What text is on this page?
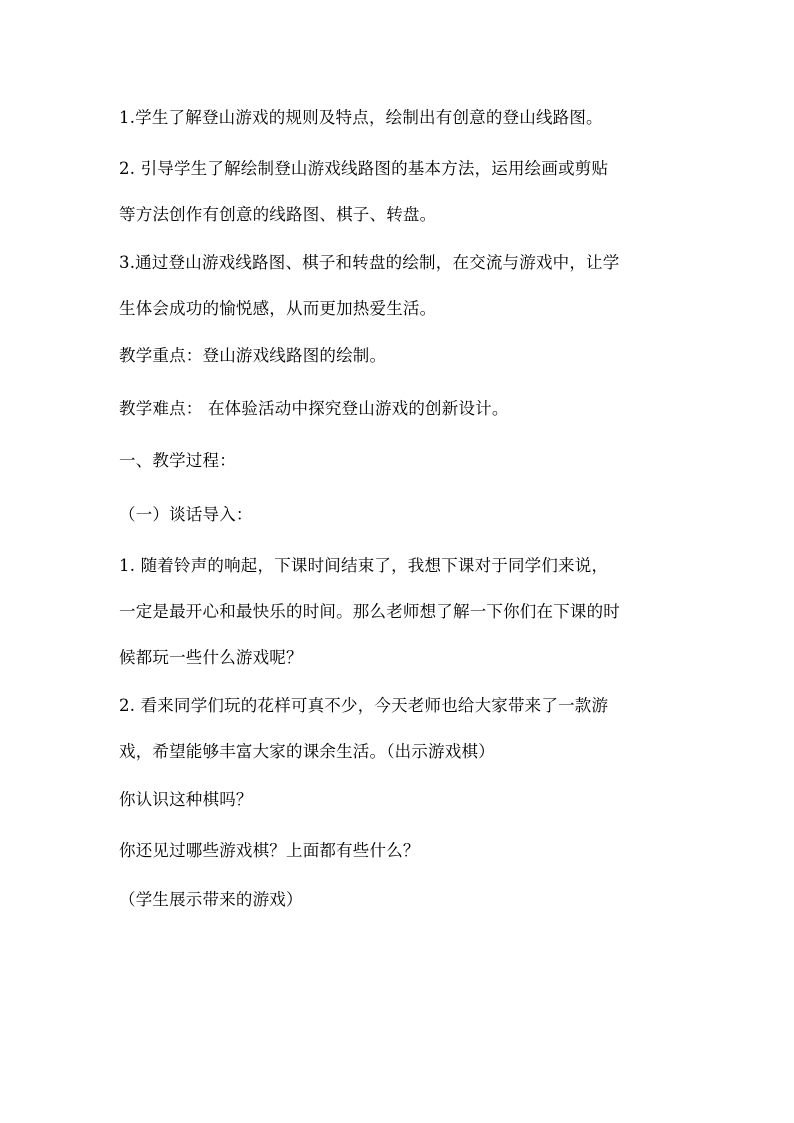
1.学生了解登山游戏的规则及特点，绘制出有创意的登山线路图。

2. 引导学生了解绘制登山游戏线路图的基本方法，运用绘画或剪贴

等方法创作有创意的线路图、棋子、转盘。

3.通过登山游戏线路图、棋子和转盘的绘制，在交流与游戏中，让学

生体会成功的愉悦感，从而更加热爱生活。

教学重点：登山游戏线路图的绘制。

教学难点： 在体验活动中探究登山游戏的创新设计。

一、教学过程：

（一）谈话导入：

1. 随着铃声的响起，下课时间结束了，我想下课对于同学们来说，

一定是最开心和最快乐的时间。那么老师想了解一下你们在下课的时

候都玩一些什么游戏呢？

2. 看来同学们玩的花样可真不少，今天老师也给大家带来了一款游

戏，希望能够丰富大家的课余生活。（出示游戏棋）

你认识这种棋吗？

你还见过哪些游戏棋？上面都有些什么？

（学生展示带来的游戏）
